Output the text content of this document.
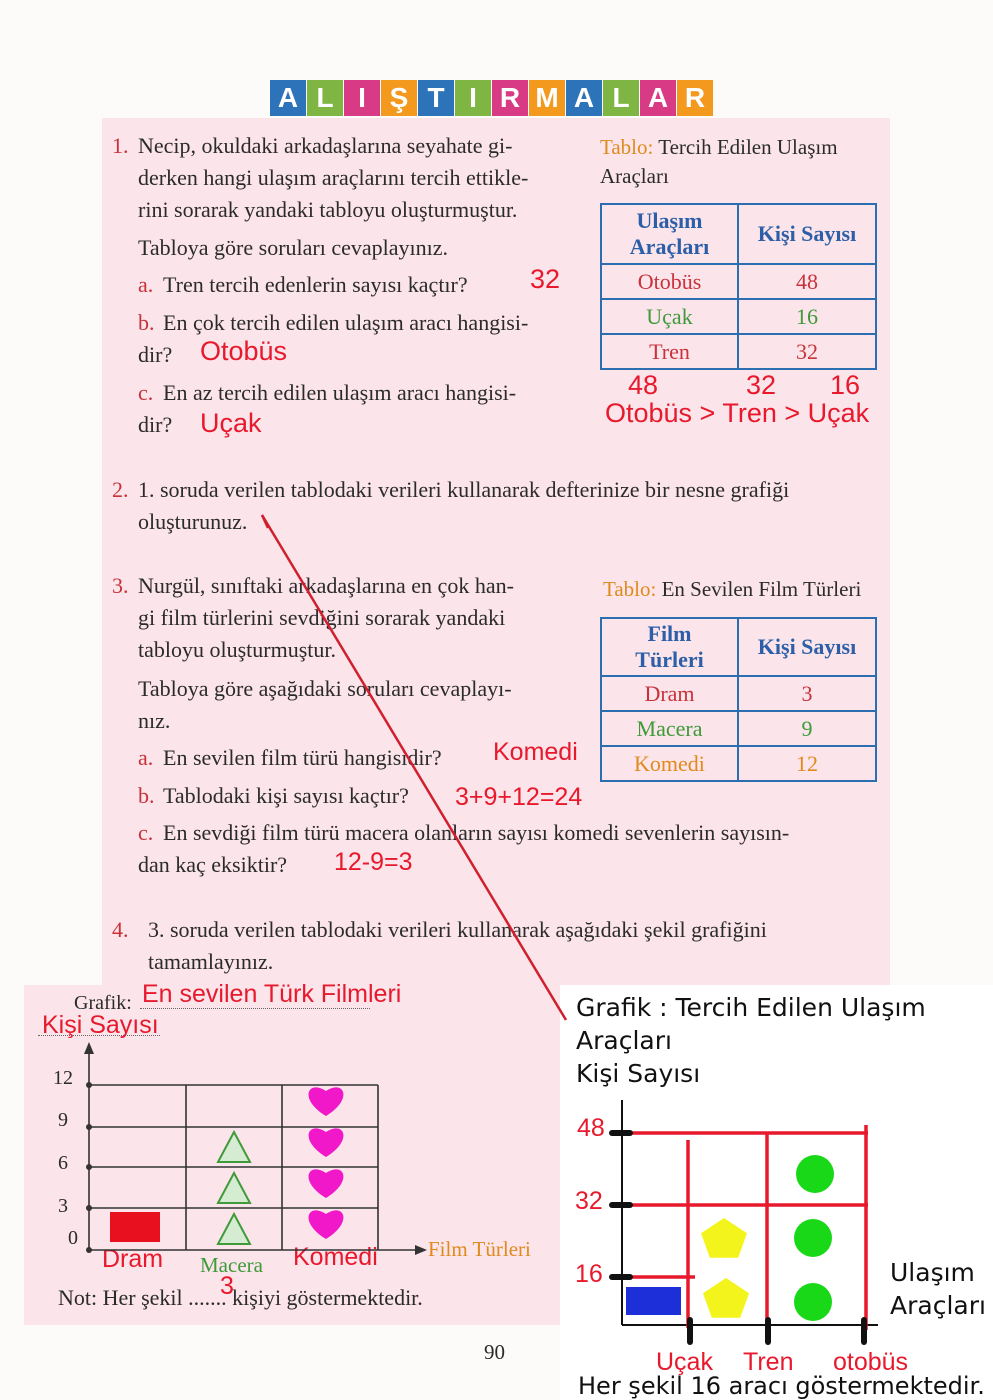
A L I Ş T I R M A L A R
1. Necip, okuldaki arkadaşlarına seyahate gi-
derken hangi ulaşım araçlarını tercih ettikle-
rini sorarak yandaki tabloyu oluşturmuştur.
Tabloya göre soruları cevaplayınız.
a. Tren tercih edenlerin sayısı kaçtır? 32
b. En çok tercih edilen ulaşım aracı hangisi-
dir? Otobüs
c. En az tercih edilen ulaşım aracı hangisi-
dir? Uçak
Tablo: Tercih Edilen Ulaşım
Araçları
Ulaşım
Araçları	Kişi Sayısı
Otobüs	48
Uçak	16
Tren	32
48	32 16
Otobüs > Tren > Uçak
2. 1. soruda verilen tablodaki verileri kullanarak defterinize bir nesne grafiği
oluşturunuz.
3. Nurgül, sınıftaki arkadaşlarına en çok han-
gi film türlerini sevdiğini sorarak yandaki
tabloyu oluşturmuştur.
Tabloya göre aşağıdaki soruları cevaplayı-
nız.
a. En sevilen film türü hangisidir? Komedi
b. Tablodaki kişi sayısı kaçtır? 3+9+12=24
c. En sevdiği film türü macera olanların sayısı komedi sevenlerin sayısın-
dan kaç eksiktir? 12-9=3
Tablo: En Sevilen Film Türleri
Film
Türleri	Kişi Sayısı
Dram	3
Macera	9
Komedi	12
4. 3. soruda verilen tablodaki verileri kullanarak aşağıdaki şekil grafiğini
tamamlayınız.
Grafik: En sevilen Türk Filmleri
Kişi Sayısı
12
9
6
3
0	Film Türleri
Dram Macera Komedi
Not: Her şekil ....... kişiyi göstermektedir.
3
Grafik : Tercih Edilen Ulaşım
Araçları
Kişi Sayısı
48
32
16	Ulaşım
Araçları
Uçak Tren otobüs
Her şekil 16 aracı göstermektedir.
90
